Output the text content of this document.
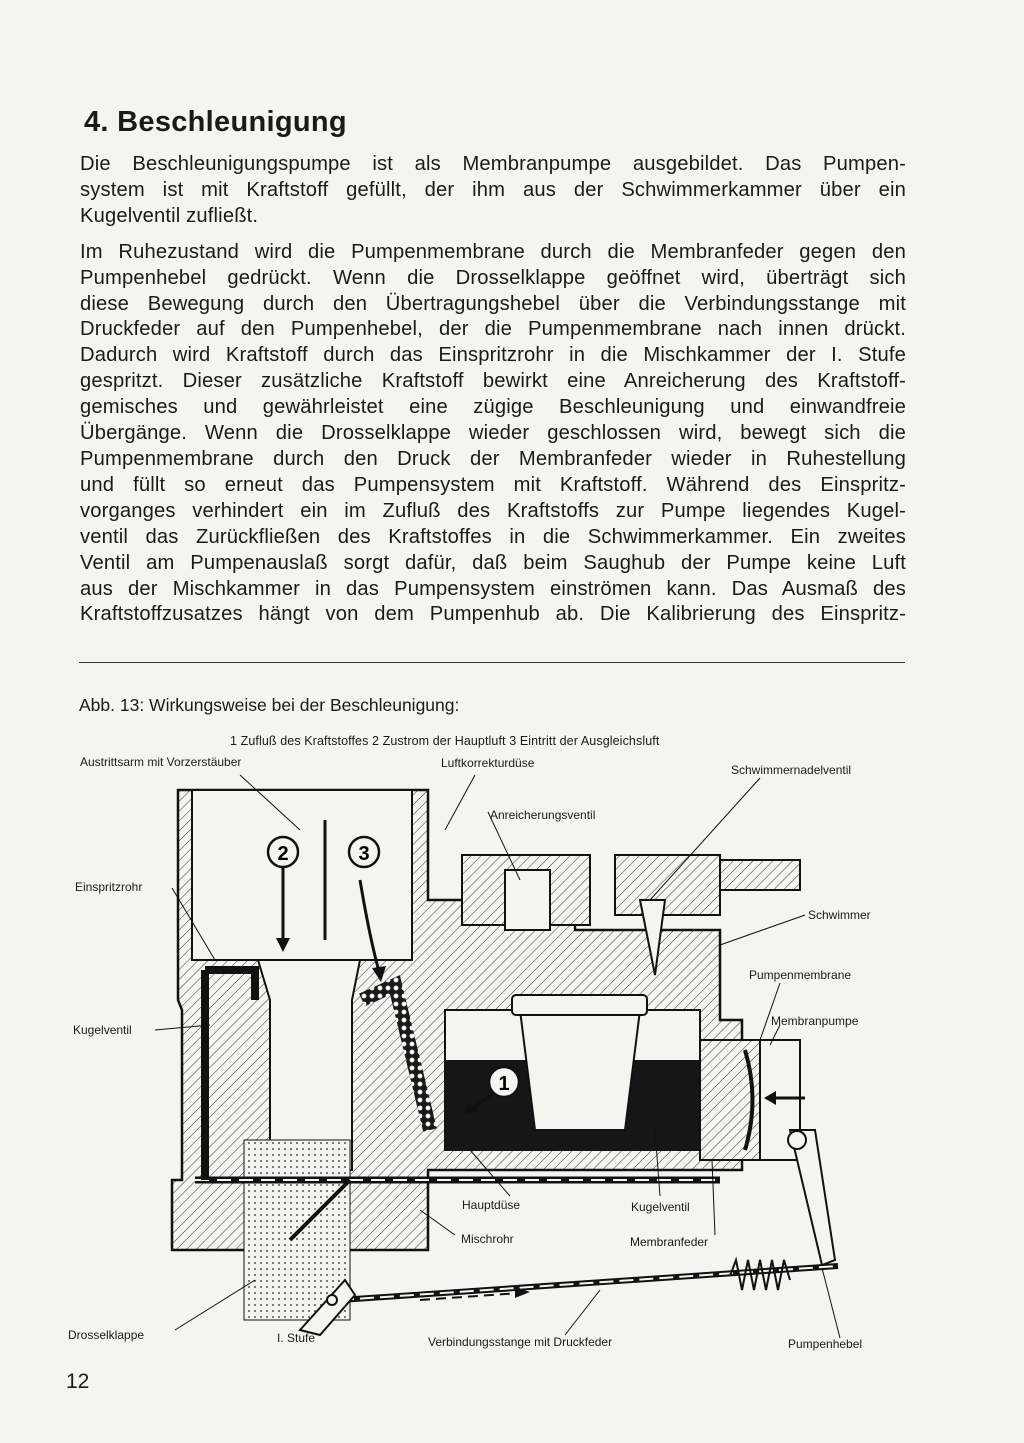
4. Beschleunigung

Die Beschleunigungspumpe ist als Membranpumpe ausgebildet. Das Pumpen-
system ist mit Kraftstoff gefüllt, der ihm aus der Schwimmerkammer über ein
Kugelventil zufließt.

Im Ruhezustand wird die Pumpenmembrane durch die Membranfeder gegen den
Pumpenhebel gedrückt. Wenn die Drosselklappe geöffnet wird, überträgt sich
diese Bewegung durch den Übertragungshebel über die Verbindungsstange mit
Druckfeder auf den Pumpenhebel, der die Pumpenmembrane nach innen drückt.
Dadurch wird Kraftstoff durch das Einspritzrohr in die Mischkammer der I. Stufe
gespritzt. Dieser zusätzliche Kraftstoff bewirkt eine Anreicherung des Kraftstoff-
gemisches und gewährleistet eine zügige Beschleunigung und einwandfreie
Übergänge. Wenn die Drosselklappe wieder geschlossen wird, bewegt sich die
Pumpenmembrane durch den Druck der Membranfeder wieder in Ruhestellung
und füllt so erneut das Pumpensystem mit Kraftstoff. Während des Einspritz-
vorganges verhindert ein im Zufluß des Kraftstoffs zur Pumpe liegendes Kugel-
ventil das Zurückfließen des Kraftstoffes in die Schwimmerkammer. Ein zweites
Ventil am Pumpenauslaß sorgt dafür, daß beim Saughub der Pumpe keine Luft
aus der Mischkammer in das Pumpensystem einströmen kann. Das Ausmaß des
Kraftstoffzusatzes hängt von dem Pumpenhub ab. Die Kalibrierung des Einspritz-

Abb. 13: Wirkungsweise bei der Beschleunigung:
1 Zufluß des Kraftstoffes 2 Zustrom der Hauptluft 3 Eintritt der Ausgleichsluft
2	3
1
Austrittsarm mit Vorzerstäuber	Luftkorrekturdüse	Schwimmernadelventil
Anreicherungsventil
Einspritzrohr
Schwimmer
Pumpenmembrane
Membranpumpe
Kugelventil
Hauptdüse	Kugelventil
Mischrohr	Membranfeder
Drosselklappe	I. Stufe	Verbindungsstange mit Druckfeder	Pumpenhebel
12
